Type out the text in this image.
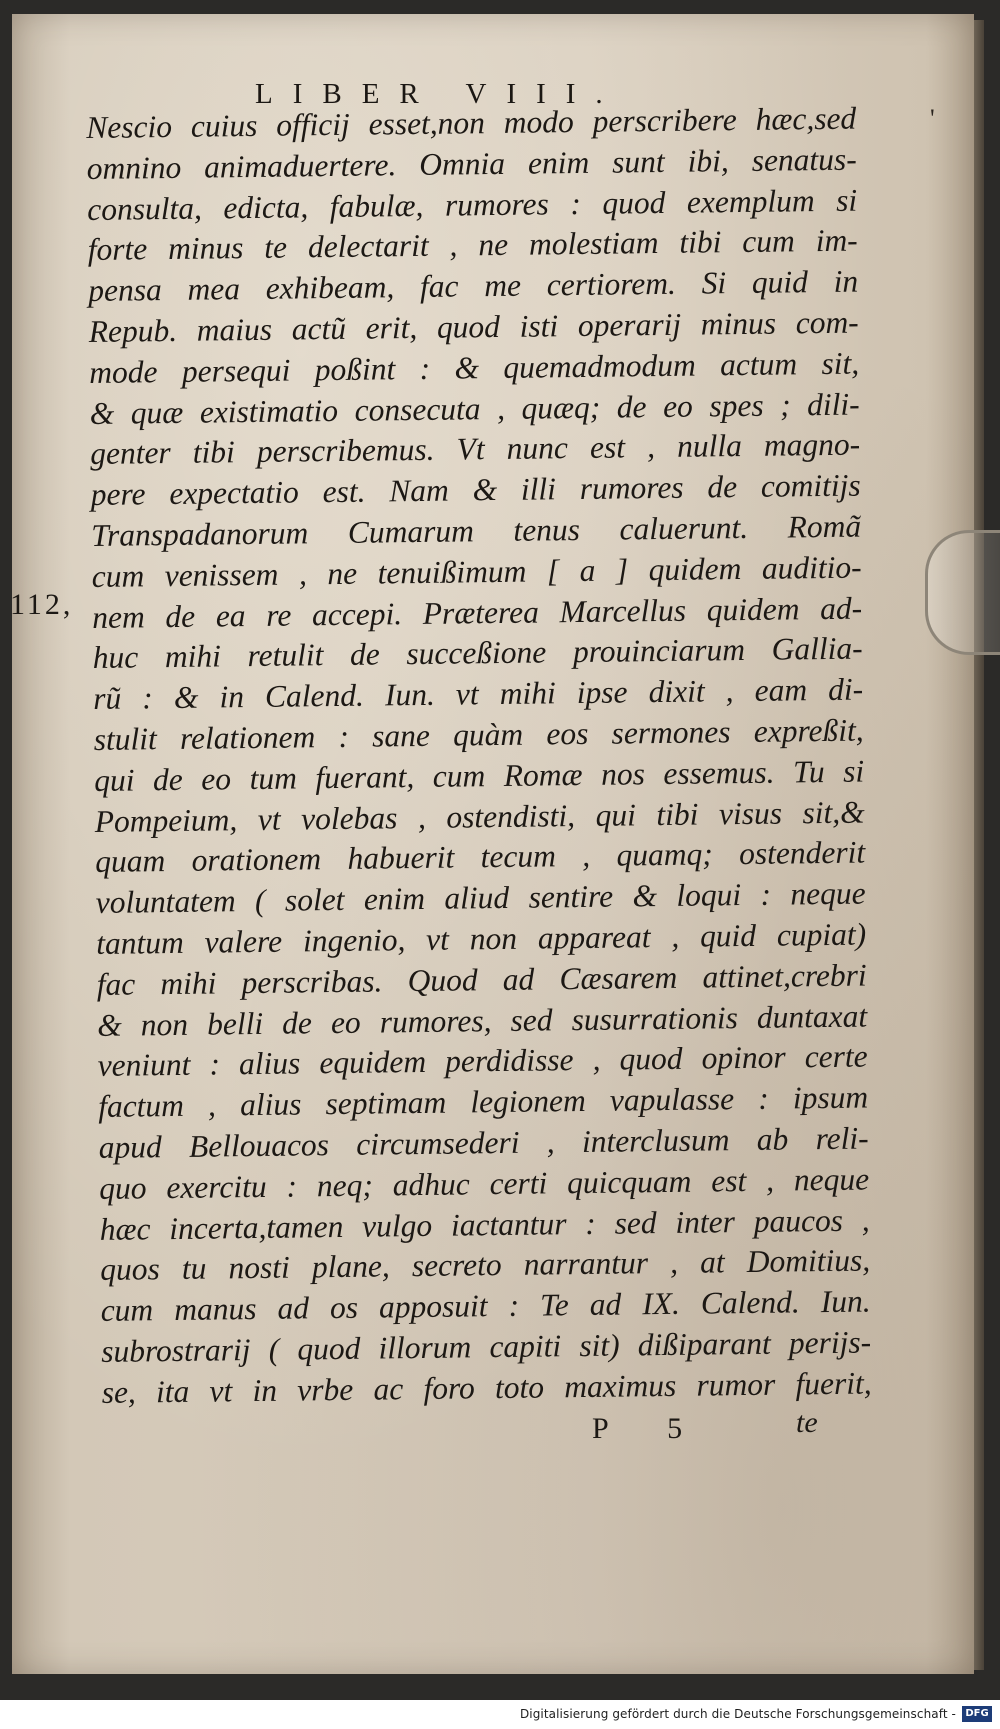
LIBER VIII.
'
112,
Nescio cuius officij esset,non modo perscribere hæc,sed
omnino animaduertere. Omnia enim sunt ibi, senatus-
consulta, edicta, fabulæ, rumores : quod exemplum si
forte minus te delectarit , ne molestiam tibi cum im-
pensa mea exhibeam, fac me certiorem. Si quid in
Repub. maius actũ erit, quod isti operarij minus com-
mode persequi poßint : & quemadmodum actum sit,
& quæ existimatio consecuta , quæq; de eo spes ; dili-
genter tibi perscribemus. Vt nunc est , nulla magno-
pere expectatio est. Nam & illi rumores de comitijs
Transpadanorum Cumarum tenus caluerunt. Romã
cum venissem , ne tenuißimum [ a ] quidem auditio-
nem de ea re accepi. Præterea Marcellus quidem ad-
huc mihi retulit de succeßione prouinciarum Gallia-
rũ : & in Calend. Iun. vt mihi ipse dixit , eam di-
stulit relationem : sane quàm eos sermones expreßit,
qui de eo tum fuerant, cum Romæ nos essemus. Tu si
Pompeium, vt volebas , ostendisti, qui tibi visus sit,&
quam orationem habuerit tecum , quamq; ostenderit
voluntatem ( solet enim aliud sentire & loqui : neque
tantum valere ingenio, vt non appareat , quid cupiat)
fac mihi perscribas. Quod ad Cæsarem attinet,crebri
& non belli de eo rumores, sed susurrationis duntaxat
veniunt : alius equidem perdidisse , quod opinor certe
factum , alius septimam legionem vapulasse : ipsum
apud Bellouacos circumsederi , interclusum ab reli-
quo exercitu : neq; adhuc certi quicquam est , neque
hæc incerta,tamen vulgo iactantur : sed inter paucos ,
quos tu nosti plane, secreto narrantur , at Domitius,
cum manus ad os apposuit : Te ad IX. Calend. Iun.
subrostrarij ( quod illorum capiti sit) dißiparant perijs-
se, ita vt in vrbe ac foro toto maximus rumor fuerit,
P 5	te
Digitalisierung gefördert durch die Deutsche Forschungsgemeinschaft - DFG
